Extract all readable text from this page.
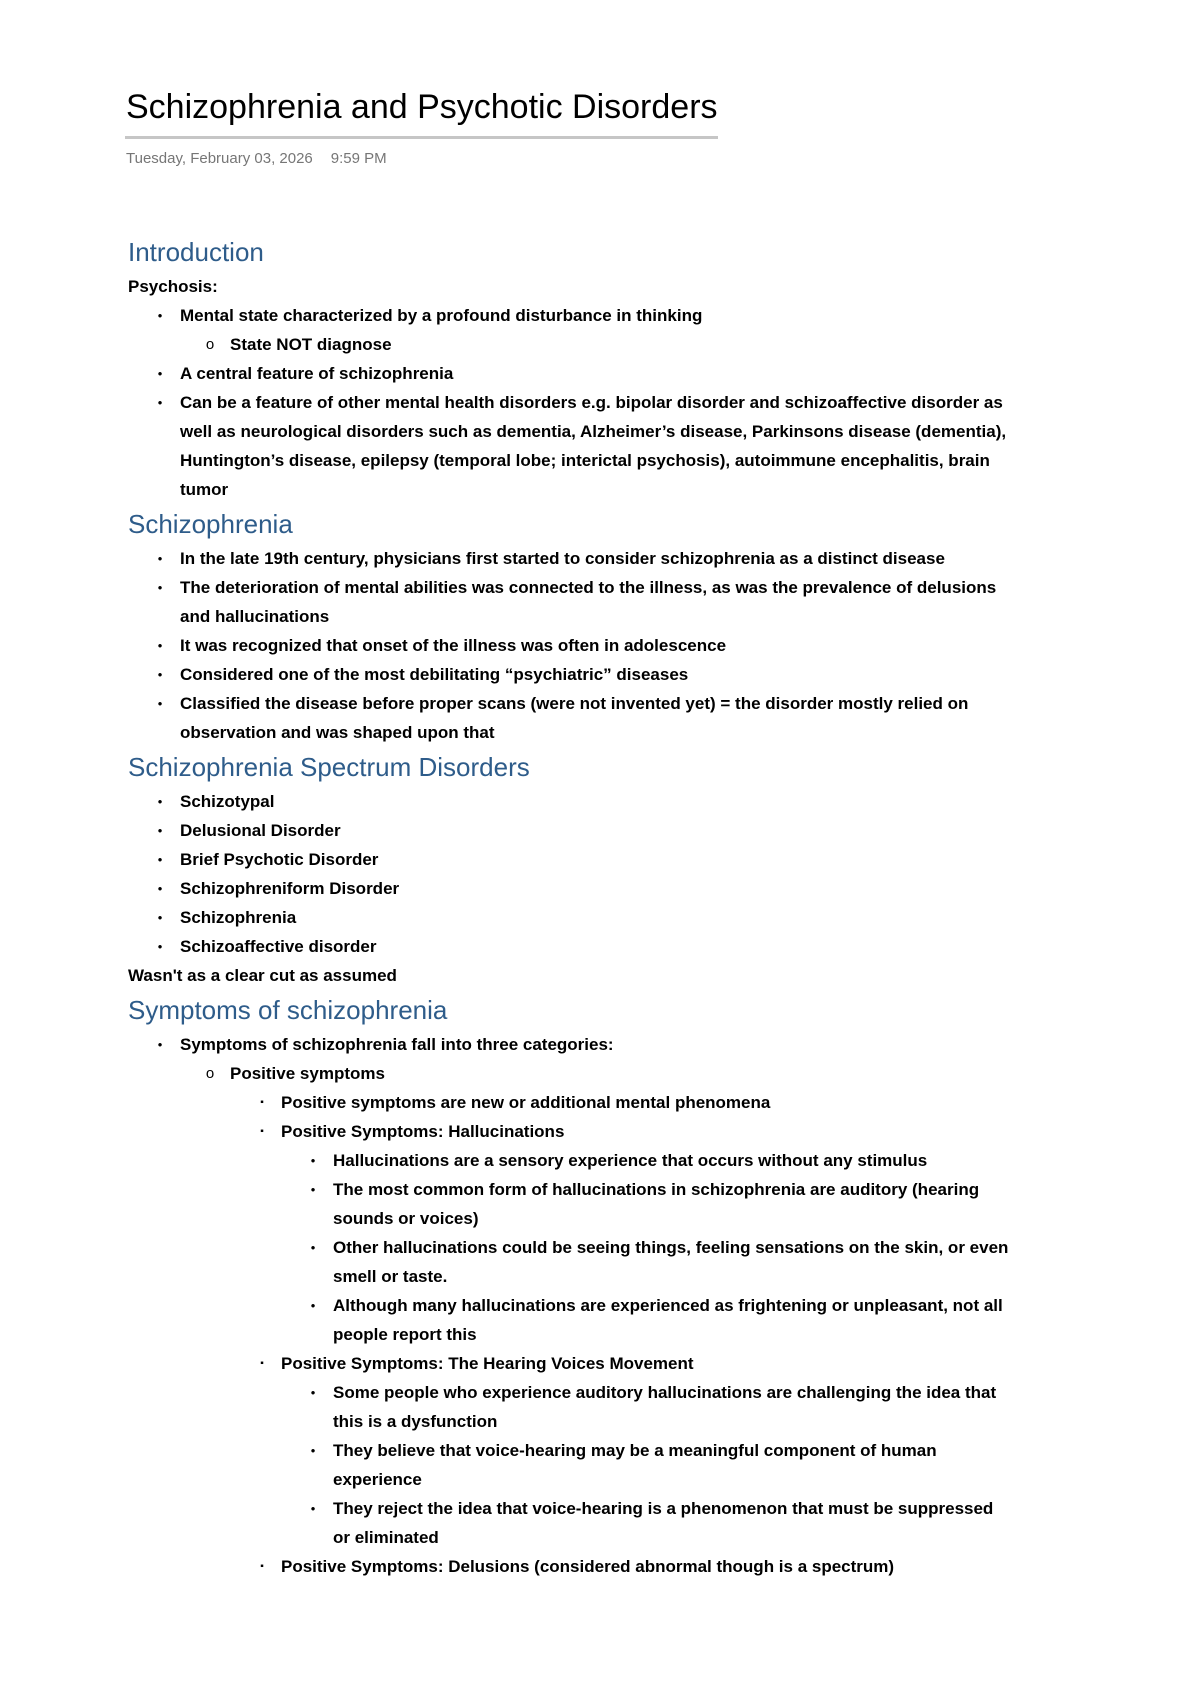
Schizophrenia and Psychotic Disorders
Tuesday, February 03, 2026 9:59 PM
Introduction

Psychosis:

•	Mental state characterized by a profound disturbance in thinking
o State NOT diagnose
•	A central feature of schizophrenia
•	Can be a feature of other mental health disorders e.g. bipolar disorder and schizoaffective disorder as well as neurological disorders such as dementia, Alzheimer’s disease, Parkinsons disease (dementia), Huntington’s disease, epilepsy (temporal lobe; interictal psychosis), autoimmune encephalitis, brain tumor
Schizophrenia
•	In the late 19th century, physicians first started to consider schizophrenia as a distinct disease
•	The deterioration of mental abilities was connected to the illness, as was the prevalence of delusions and hallucinations
•	It was recognized that onset of the illness was often in adolescence
•	Considered one of the most debilitating “psychiatric” diseases
•	Classified the disease before proper scans (were not invented yet) = the disorder mostly relied on observation and was shaped upon that
Schizophrenia Spectrum Disorders
•	Schizotypal
•	Delusional Disorder
•	Brief Psychotic Disorder
•	Schizophreniform Disorder
•	Schizophrenia
•	Schizoaffective disorder

Wasn't as a clear cut as assumed

Symptoms of schizophrenia
•	Symptoms of schizophrenia fall into three categories:
o Positive symptoms
▪	Positive symptoms are new or additional mental phenomena
▪	Positive Symptoms: Hallucinations
•	Hallucinations are a sensory experience that occurs without any stimulus
•	The most common form of hallucinations in schizophrenia are auditory (hearing sounds or voices)
•	Other hallucinations could be seeing things, feeling sensations on the skin, or even smell or taste.
•	Although many hallucinations are experienced as frightening or unpleasant, not all people report this
▪	Positive Symptoms: The Hearing Voices Movement
•	Some people who experience auditory hallucinations are challenging the idea that this is a dysfunction
•	They believe that voice-hearing may be a meaningful component of human experience
•	They reject the idea that voice-hearing is a phenomenon that must be suppressed or eliminated
▪	Positive Symptoms: Delusions (considered abnormal though is a spectrum)
